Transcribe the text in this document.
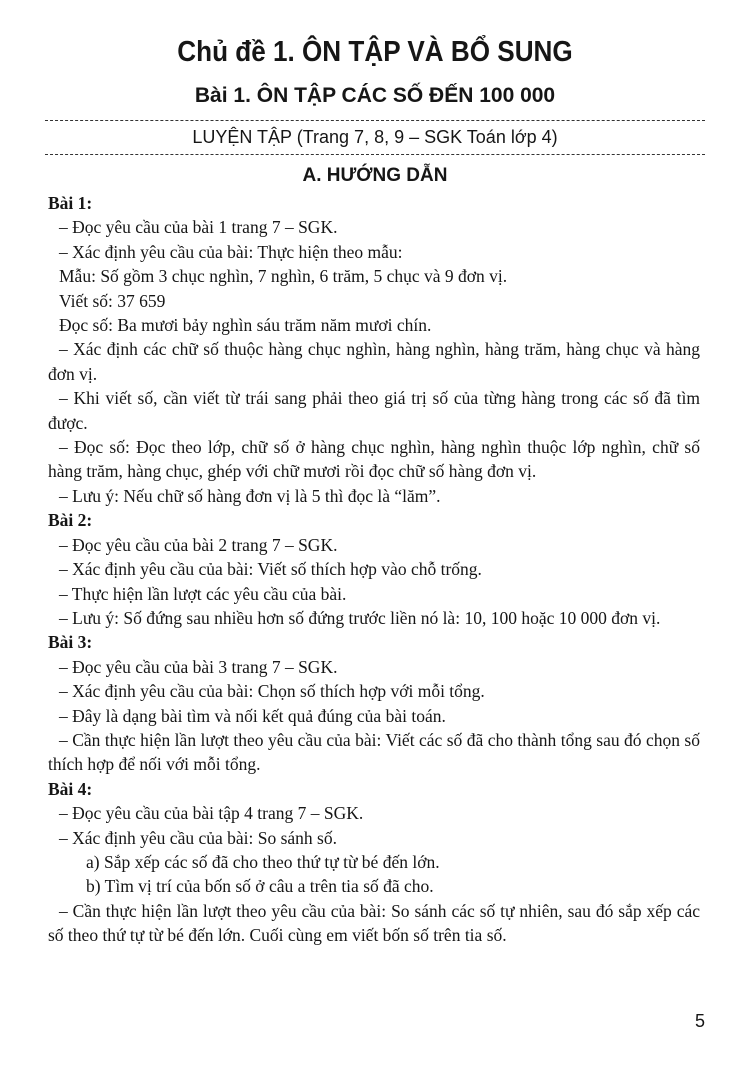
Chủ đề 1. ÔN TẬP VÀ BỔ SUNG
Bài 1. ÔN TẬP CÁC SỐ ĐẾN 100 000
LUYỆN TẬP (Trang 7, 8, 9 – SGK Toán lớp 4)
A. HƯỚNG DẪN
Bài 1:
– Đọc yêu cầu của bài 1 trang 7 – SGK.
– Xác định yêu cầu của bài: Thực hiện theo mẫu:
Mẫu: Số gồm 3 chục nghìn, 7 nghìn, 6 trăm, 5 chục và 9 đơn vị.
Viết số: 37 659
Đọc số: Ba mươi bảy nghìn sáu trăm năm mươi chín.
– Xác định các chữ số thuộc hàng chục nghìn, hàng nghìn, hàng trăm, hàng chục và hàng đơn vị.
– Khi viết số, cần viết từ trái sang phải theo giá trị số của từng hàng trong các số đã tìm được.
– Đọc số: Đọc theo lớp, chữ số ở hàng chục nghìn, hàng nghìn thuộc lớp nghìn, chữ số hàng trăm, hàng chục, ghép với chữ mươi rồi đọc chữ số hàng đơn vị.
– Lưu ý: Nếu chữ số hàng đơn vị là 5 thì đọc là “lăm”.
Bài 2:
– Đọc yêu cầu của bài 2 trang 7 – SGK.
– Xác định yêu cầu của bài: Viết số thích hợp vào chỗ trống.
– Thực hiện lần lượt các yêu cầu của bài.
– Lưu ý: Số đứng sau nhiều hơn số đứng trước liền nó là: 10, 100 hoặc 10 000 đơn vị.
Bài 3:
– Đọc yêu cầu của bài 3 trang 7 – SGK.
– Xác định yêu cầu của bài: Chọn số thích hợp với mỗi tổng.
– Đây là dạng bài tìm và nối kết quả đúng của bài toán.
– Cần thực hiện lần lượt theo yêu cầu của bài: Viết các số đã cho thành tổng sau đó chọn số thích hợp để nối với mỗi tổng.
Bài 4:
– Đọc yêu cầu của bài tập 4 trang 7 – SGK.
– Xác định yêu cầu của bài: So sánh số.
a) Sắp xếp các số đã cho theo thứ tự từ bé đến lớn.
b) Tìm vị trí của bốn số ở câu a trên tia số đã cho.
– Cần thực hiện lần lượt theo yêu cầu của bài: So sánh các số tự nhiên, sau đó sắp xếp các số theo thứ tự từ bé đến lớn. Cuối cùng em viết bốn số trên tia số.
5
